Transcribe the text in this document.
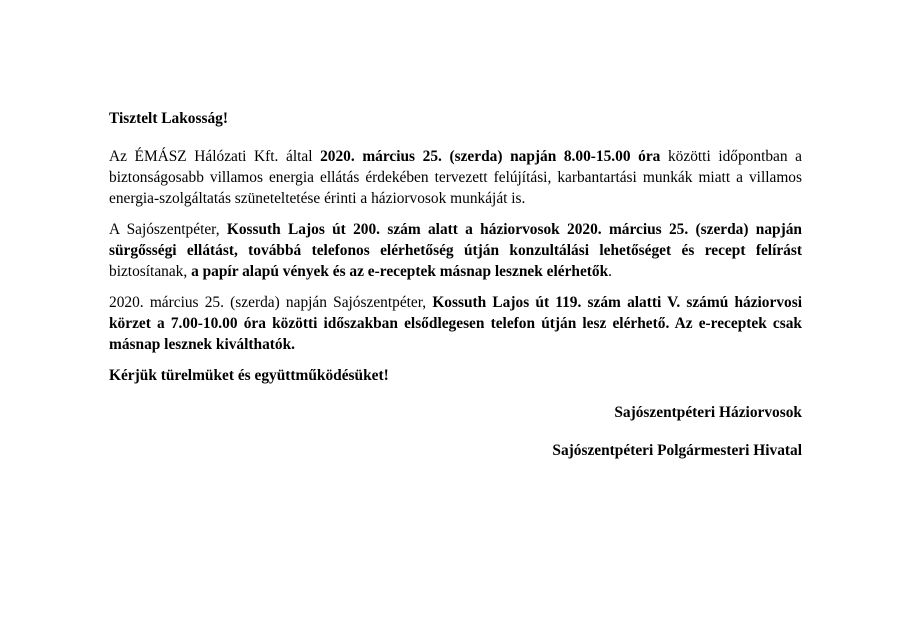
Tisztelt Lakosság!

Az ÉMÁSZ Hálózati Kft. által 2020. március 25. (szerda) napján 8.00-15.00 óra közötti időpontban a biztonságosabb villamos energia ellátás érdekében tervezett felújítási, karbantartási munkák miatt a villamos energia-szolgáltatás szüneteltetése érinti a háziorvosok munkáját is.

A Sajószentpéter, Kossuth Lajos út 200. szám alatt a háziorvosok 2020. március 25. (szerda) napján sürgősségi ellátást, továbbá telefonos elérhetőség útján konzultálási lehetőséget és recept felírást biztosítanak, a papír alapú vények és az e-receptek másnap lesznek elérhetők.

2020. március 25. (szerda) napján Sajószentpéter, Kossuth Lajos út 119. szám alatti V. számú háziorvosi körzet a 7.00-10.00 óra közötti időszakban elsődlegesen telefon útján lesz elérhető. Az e-receptek csak másnap lesznek kiválthatók.

Kérjük türelmüket és együttműködésüket!

Sajószentpéteri Háziorvosok

Sajószentpéteri Polgármesteri Hivatal
